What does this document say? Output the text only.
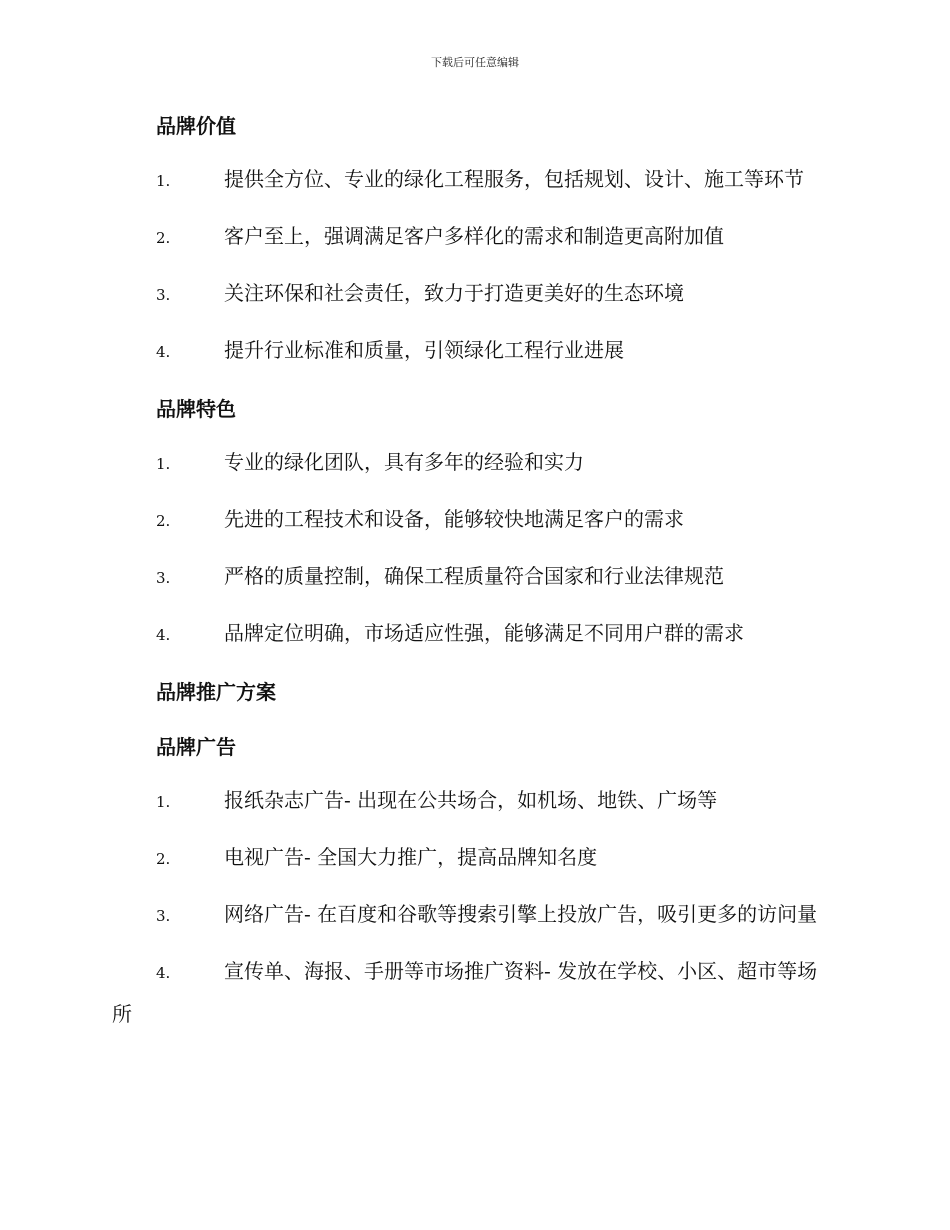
下载后可任意编辑
品牌价值
1.	提供全方位、专业的绿化工程服务，包括规划、设计、施工等环节
2.	客户至上，强调满足客户多样化的需求和制造更高附加值
3.	关注环保和社会责任，致力于打造更美好的生态环境
4.	提升行业标准和质量，引领绿化工程行业进展
品牌特色
1.	专业的绿化团队，具有多年的经验和实力
2.	先进的工程技术和设备，能够较快地满足客户的需求
3.	严格的质量控制，确保工程质量符合国家和行业法律规范
4.	品牌定位明确，市场适应性强，能够满足不同用户群的需求
品牌推广方案
品牌广告
1.	报纸杂志广告- 出现在公共场合，如机场、地铁、广场等
2.	电视广告- 全国大力推广，提高品牌知名度
3.	网络广告- 在百度和谷歌等搜索引擎上投放广告，吸引更多的访问量
4.	宣传单、海报、手册等市场推广资料- 发放在学校、小区、超市等场所
